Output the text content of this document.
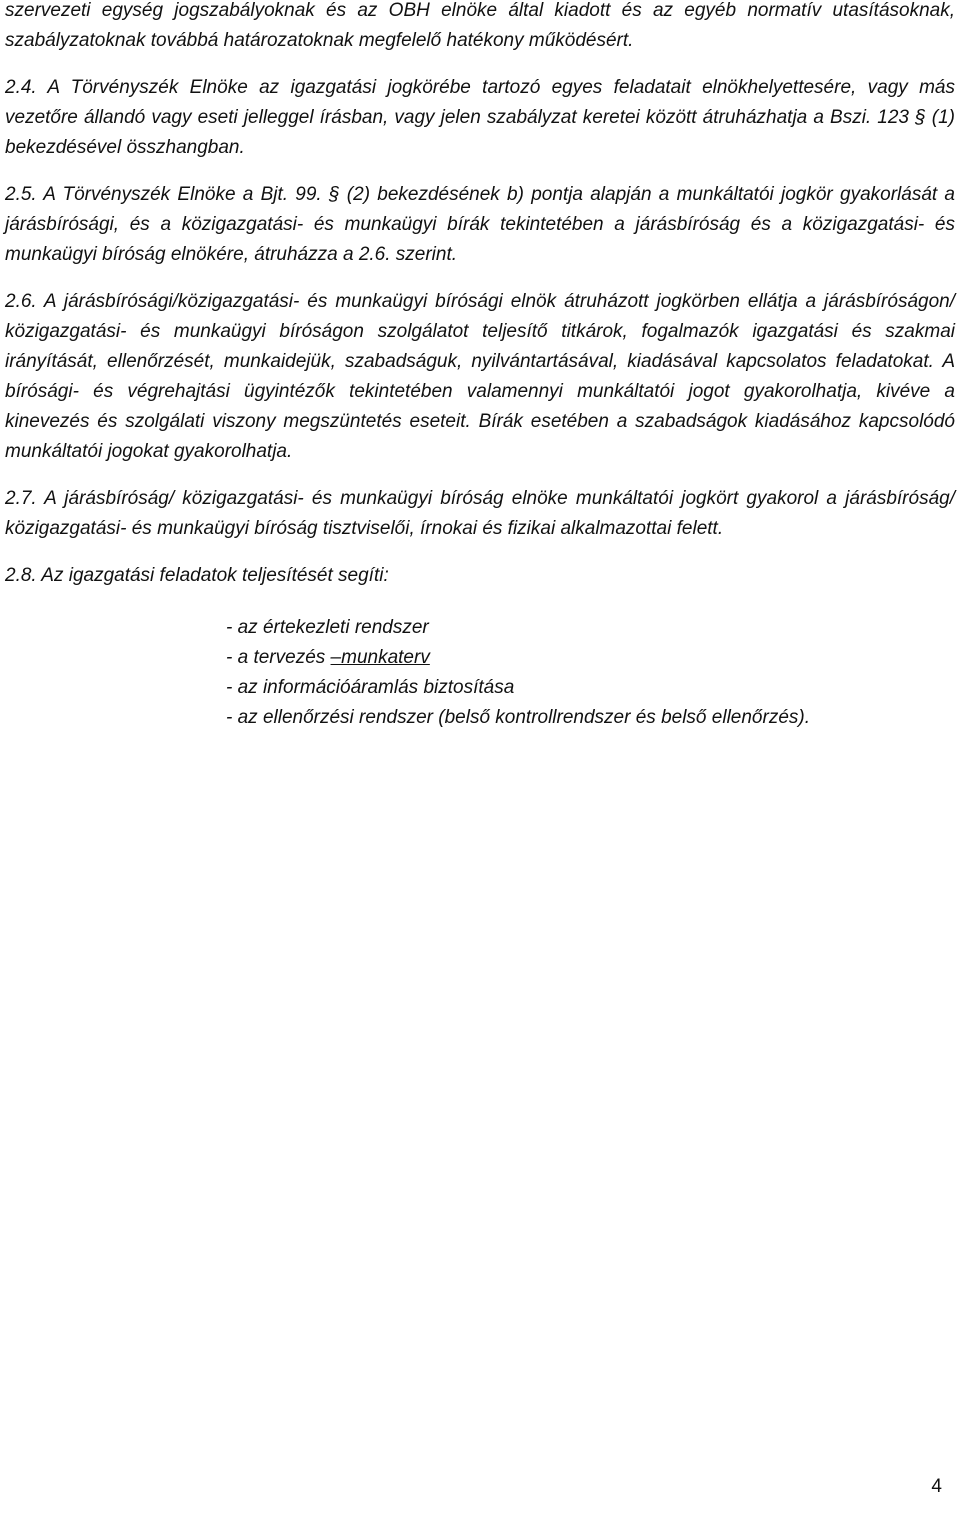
szervezeti egység jogszabályoknak és az OBH elnöke által kiadott és az egyéb normatív utasításoknak, szabályzatoknak továbbá határozatoknak megfelelő hatékony működésért.

2.4. A Törvényszék Elnöke az igazgatási jogkörébe tartozó egyes feladatait elnökhelyettesére, vagy más vezetőre állandó vagy eseti jelleggel írásban, vagy jelen szabályzat keretei között átruházhatja a Bszi. 123 § (1) bekezdésével összhangban.

2.5. A Törvényszék Elnöke a Bjt. 99. § (2) bekezdésének b) pontja alapján a munkáltatói jogkör gyakorlását a járásbírósági, és a közigazgatási- és munkaügyi bírák tekintetében a járásbíróság és a közigazgatási- és munkaügyi bíróság elnökére, átruházza a 2.6. szerint.

2.6. A járásbírósági/közigazgatási- és munkaügyi bírósági elnök átruházott jogkörben ellátja a járásbíróságon/ közigazgatási- és munkaügyi bíróságon szolgálatot teljesítő titkárok, fogalmazók igazgatási és szakmai irányítását, ellenőrzését, munkaidejük, szabadságuk, nyilvántartásával, kiadásával kapcsolatos feladatokat. A bírósági- és végrehajtási ügyintézők tekintetében valamennyi munkáltatói jogot gyakorolhatja, kivéve a kinevezés és szolgálati viszony megszüntetés eseteit. Bírák esetében a szabadságok kiadásához kapcsolódó munkáltatói jogokat gyakorolhatja.

2.7. A járásbíróság/ közigazgatási- és munkaügyi bíróság elnöke munkáltatói jogkört gyakorol a járásbíróság/ közigazgatási- és munkaügyi bíróság tisztviselői, írnokai és fizikai alkalmazottai felett.

2.8. Az igazgatási feladatok teljesítését segíti:

- az értekezleti rendszer
- a tervezés –munkaterv
- az információáramlás biztosítása
- az ellenőrzési rendszer (belső kontrollrendszer és belső ellenőrzés).
4
